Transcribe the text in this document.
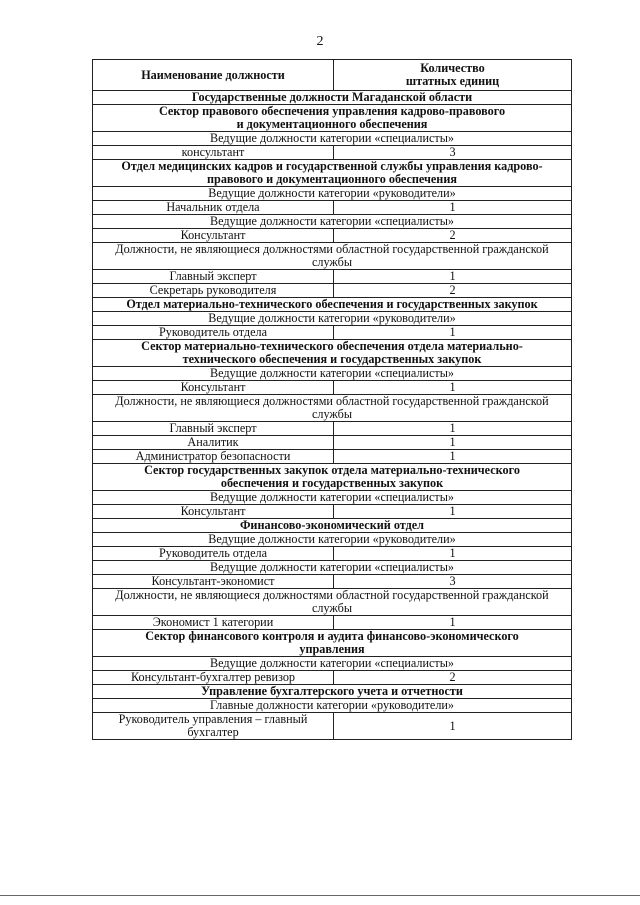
2
Наименование должности	Количество
штатных единиц
Государственные должности Магаданской области	
Сектор правового обеспечения управления кадрово-правового
и документационного обеспечения	
Ведущие должности категории «специалисты»	
консультант	3
Отдел медицинских кадров и государственной службы управления кадрово-
правового и документационного обеспечения	
Ведущие должности категории «руководители»	
Начальник отдела	1
Ведущие должности категории «специалисты»	
Консультант	2
Должности, не являющиеся должностями областной государственной гражданской
службы	
Главный эксперт	1
Секретарь руководителя	2
Отдел материально-технического обеспечения и государственных закупок	
Ведущие должности категории «руководители»	
Руководитель отдела	1
Сектор материально-технического обеспечения отдела материально-
технического обеспечения и государственных закупок	
Ведущие должности категории «специалисты»	
Консультант	1
Должности, не являющиеся должностями областной государственной гражданской
службы	
Главный эксперт	1
Аналитик	1
Администратор безопасности	1
Сектор государственных закупок отдела материально-технического
обеспечения и государственных закупок	
Ведущие должности категории «специалисты»	
Консультант	1
Финансово-экономический отдел	
Ведущие должности категории «руководители»	
Руководитель отдела	1
Ведущие должности категории «специалисты»	
Консультант-экономист	3
Должности, не являющиеся должностями областной государственной гражданской
службы	
Экономист 1 категории	1
Сектор финансового контроля и аудита финансово-экономического
управления	
Ведущие должности категории «специалисты»	
Консультант-бухгалтер ревизор	2
Управление бухгалтерского учета и отчетности	
Главные должности категории «руководители»	
Руководитель управления – главный
бухгалтер	1
